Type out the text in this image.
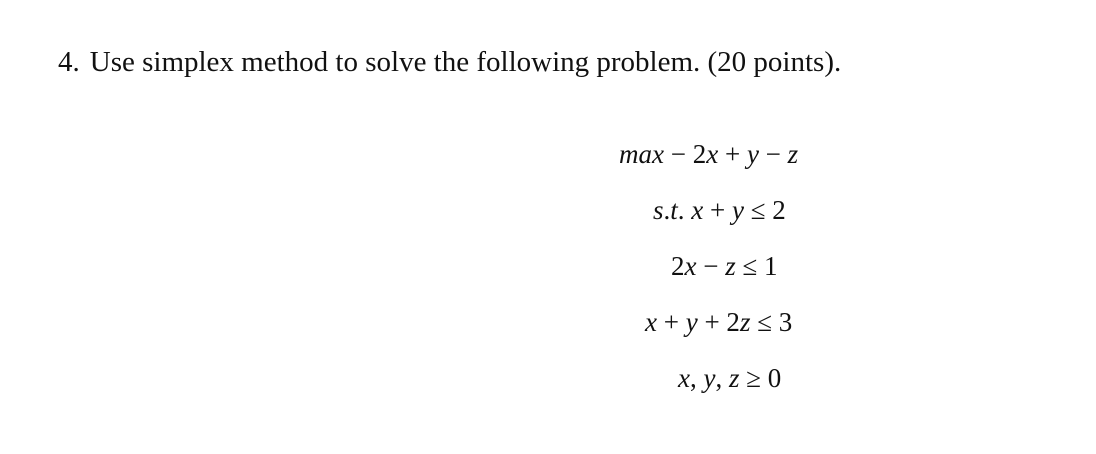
4. Use simplex method to solve the following problem. (20 points).
max − 2x + y − z
s.t. x + y ≤ 2
2x − z ≤ 1
x + y + 2z ≤ 3
x, y, z ≥ 0
